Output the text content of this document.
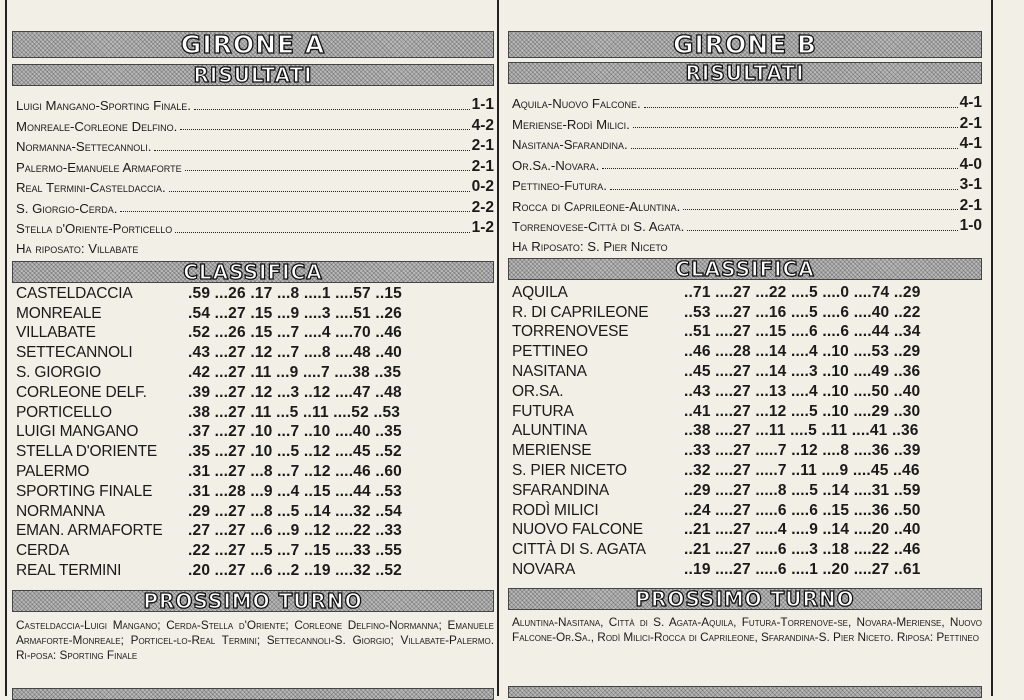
GIRONE A
RISULTATI
Luigi Mangano-Sporting Finale.	1-1
Monreale-Corleone Delfino.	4-2
Normanna-Settecannoli.	2-1
Palermo-Emanuele Armaforte	2-1
Real Termini-Casteldaccia.	0-2
S. Giorgio-Cerda.	2-2
Stella d'Oriente-Porticello	1-2
Ha riposato: Villabate
CLASSIFICA
CASTELDACCIA	.59 ...26 .17 ...8 ....1 ....57 ..15
MONREALE	.54 ...27 .15 ...9 ....3 ....51 ..26
VILLABATE	.52 ...26 .15 ...7 ....4 ....70 ..46
SETTECANNOLI	.43 ...27 .12 ...7 ....8 ....48 ..40
S. GIORGIO	.42 ...27 .11 ...9 ....7 ....38 ..35
CORLEONE DELF.	.39 ...27 .12 ...3 ..12 ....47 ..48
PORTICELLO	.38 ...27 .11 ...5 ..11 ....52 ..53
LUIGI MANGANO	.37 ...27 .10 ...7 ..10 ....40 ..35
STELLA D'ORIENTE	.35 ...27 .10 ...5 ..12 ....45 ..52
PALERMO	.31 ...27 ...8 ...7 ..12 ....46 ..60
SPORTING FINALE	.31 ...28 ...9 ...4 ..15 ....44 ..53
NORMANNA	.29 ...27 ...8 ...5 ..14 ....32 ..54
EMAN. ARMAFORTE	.27 ...27 ...6 ...9 ..12 ....22 ..33
CERDA	.22 ...27 ...5 ...7 ..15 ....33 ..55
REAL TERMINI	.20 ...27 ...6 ...2 ..19 ....32 ..52
PROSSIMO TURNO
Casteldaccia-Luigi Mangano; Cerda-Stella d'Oriente; Corleone Delfino-Normanna; Emanuele Armaforte-Monreale; Porticel-lo-Real Termini; Settecannoli-S. Giorgio; Villabate-Palermo. Ri-posa: Sporting Finale
GIRONE B
RISULTATI
Aquila-Nuovo Falcone.	4-1
Meriense-Rodì Milici.	2-1
Nasitana-Sfarandina.	4-1
Or.Sa.-Novara.	4-0
Pettineo-Futura.	3-1
Rocca di Caprileone-Aluntina.	2-1
Torrenovese-Città di S. Agata.	1-0
Ha Riposato: S. Pier Niceto
CLASSIFICA
AQUILA	..71 ....27 ...22 ....5 ....0 ....74 ..29
R. DI CAPRILEONE	..53 ....27 ...16 ....5 ....6 ....40 ..22
TORRENOVESE	..51 ....27 ...15 ....6 ....6 ....44 ..34
PETTINEO	..46 ....28 ...14 ....4 ..10 ....53 ..29
NASITANA	..45 ....27 ...14 ....3 ..10 ....49 ..36
OR.SA.	..43 ....27 ...13 ....4 ..10 ....50 ..40
FUTURA	..41 ....27 ...12 ....5 ..10 ....29 ..30
ALUNTINA	..38 ....27 ...11 ....5 ..11 ....41 ..36
MERIENSE	..33 ....27 .....7 ..12 ....8 ....36 ..39
S. PIER NICETO	..32 ....27 .....7 ..11 ....9 ....45 ..46
SFARANDINA	..29 ....27 .....8 ....5 ..14 ....31 ..59
RODÌ MILICI	..24 ....27 .....6 ....6 ..15 ....36 ..50
NUOVO FALCONE	..21 ....27 .....4 ....9 ..14 ....20 ..40
CITTÀ DI S. AGATA	..21 ....27 .....6 ....3 ..18 ....22 ..46
NOVARA	..19 ....27 .....6 ....1 ..20 ....27 ..61
PROSSIMO TURNO
Aluntina-Nasitana, Città di S. Agata-Aquila, Futura-Torrenove-se, Novara-Meriense, Nuovo Falcone-Or.Sa., Rodì Milici-Rocca di Caprileone, Sfarandina-S. Pier Niceto. Riposa: Pettineo
